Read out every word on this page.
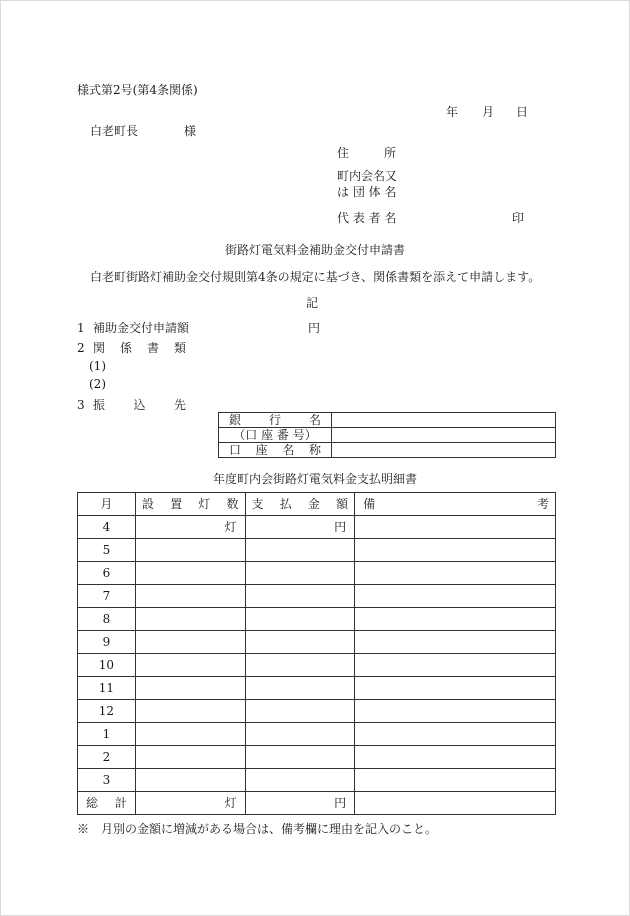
様式第2号(第4条関係)
年 月 日
白老町長	様
住	所
町内会名又
は 団 体 名
代 表 者 名	印
街路灯電気料金補助金交付申請書
白老町街路灯補助金交付規則第4条の規定に基づき、関係書類を添えて申請します。
記
1 補助金交付申請額	円
2 関 係 書 類
(1)
(2)
3 振 込 先
銀 行 名	

（口 座 番 号）	

口 座 名 称	

年度町内会街路灯電気料金支払明細書
月	設 置 灯 数	支 払 金 額	備 考

4	灯	円	

5			
6			
7			
8			
9			
10			
11			
12			
1			
2			
3			

総 計	灯	円	

※　月別の金額に増減がある場合は、備考欄に理由を記入のこと。
